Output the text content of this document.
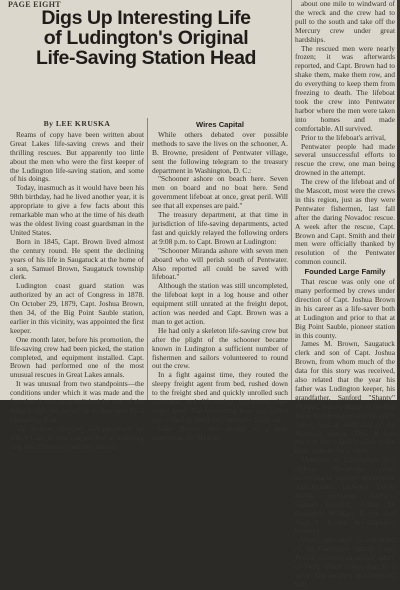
PAGE EIGHT
Digs Up Interesting Life
of Ludington's Original
Life-Saving Station Head

By LEE KRUSKA

Reams of copy have been written about Great Lakes life-saving crews and their thrilling rescues. But apparently too little about the men who were the first keeper of the Ludington life-saving station, and some of his doings.

Today, inasmuch as it would have been his 98th birthday, had he lived another year, it is appropriate to give a few facts about this remarkable man who at the time of his death was the oldest living coast guardsman in the United States.

Born in 1845, Capt. Brown lived almost the century round. He spent the declining years of his life in Saugatuck at the home of a son, Samuel Brown, Saugatuck township clerk.

Ludington coast guard station was authorized by an act of Congress in 1878. On October 29, 1879, Capt. Joshua Brown, then 34, of the Big Point Sauble station, earlier in this vicinity, was appointed the first keeper.

One month later, before his promotion, the life-saving crew had been picked, the station completed, and equipment installed. Capt. Brown had performed one of the most unusual rescues in Great Lakes annals.

It was unusual from two standpoints—the conditions under which it was made and the fact that it was accomplished by one of the longest trips on record up to that time by a life-saving boat.

The historic telegram, still preserved, by which Capt. Brown was notified of a sinking ship near Pentwater and the manner

Wires Capital

While others debated over possible methods to save the lives on the schooner, A. B. Browne, president of Pentwater village, sent the following telegram to the treasury department in Washington, D. C.:

"Schooner ashore on beach here. Seven men on board and no boat here. Send government lifeboat at once, great peril. Will see that all expenses are paid."

The treasury department, at that time in jurisdiction of life-saving departments, acted fast and quickly relayed the following orders at 9:08 p.m. to Capt. Brown at Ludington:

"Schooner Miranda ashore with seven men aboard who will perish south of Pentwater. Also reported all could be saved with lifeboat."

Although the station was still uncompleted, the lifeboat kept in a log house and other equipment still unrated at the freight depot, action was needed and Capt. Brown was a man to get action.

He had only a skeleton life-saving crew but after the plight of the schooner became known in Ludington a sufficient number of fishermen and sailors volunteered to round out the crew.

In a fight against time, they routed the sleepy freight agent from bed, rushed down to the freight shed and quickly unrolled such apparatus and life-saving equipment they might need. The life-saving boat was pulled out of the log house and hurriedly fitted out.

Capt. Brown, then master of a little steamboat, the Mascott,

about one mile to windward of the wreck and the crew had to pull to the south and take off the Mercury crew under great hardships.

The rescued men were nearly frozen; it was afterwards reported, and Capt. Brown had to shake them, make them row, and do everything to keep them from freezing to death. The lifeboat took the crew into Pentwater harbor where the men were taken into homes and made comfortable. All survived.

Prior to the lifeboat's arrival,

Pentwater people had made several unsuccessful efforts to rescue the crew, one man being drowned in the attempt.

The crew of the lifeboat and of the Mascott, most were the crews in this region, just as they were Pentwater fishermen, last fall after the daring Novadoc rescue. A week after the rescue, Capt. Brown and Capt. Smith and their men were officially thanked by resolution of the Pentwater common council.

Founded Large Family

That rescue was only one of many performed by crews under direction of Capt. Joshua Brown in his career as a life-saver both at Ludington and prior to that at Big Point Sauble, pioneer station in this county.

James M. Brown, Saugatuck clerk and son of Capt. Joshua Brown, from whom much of the data for this story was received, also related that the year his father was Ludington keeper, his grandfather, Sanford "Shanty" Morgan, was in charge of the Big Point Sauble station and his uncle James, was in command of the Manistee station. Thus it was more or less a family affair in the three stations for a while.

Members of Ludington's first official life-saving crew, according to treasury department authorization, included: David Beebe, Benjamin Ramsey, Samuel Baugker, Arthur D. Goodrich, William Brown and Jesse F. Brown, the captain's brothers.

When appointed to command of the Ludington station, Capt. Brown received an annual salary of $400, which is less than $8 a week. The surfmen each received $40
